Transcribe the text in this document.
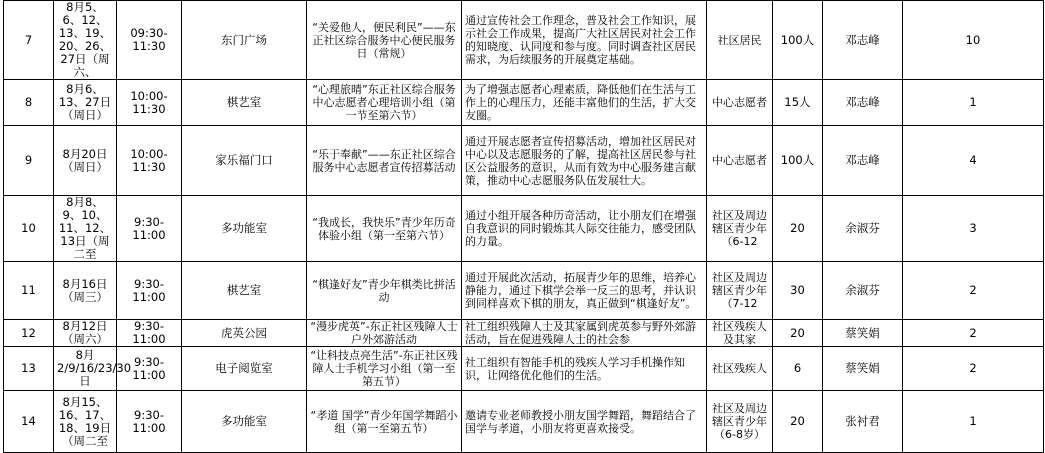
7	8月5、6、12、13、19、20、26、27日（周六、	09:30-11:30	东门广场	“关爱他人，便民利民”——东正社区综合服务中心便民服务日（常规）	通过宣传社会工作理念，普及社会工作知识，展示社会工作成果，提高广大社区居民对社会工作的知晓度、认同度和参与度。同时调查社区居民需求，为后续服务的开展奠定基础。	社区居民	100人	邓志峰	10
8	8月6、13、27日（周日）	10:00-11:30	棋艺室	“心理旅晴”东正社区综合服务中心志愿者心理培训小组（第一节至第六节）	为了增强志愿者心理素质，降低他们在生活与工作上的心理压力，还能丰富他们的生活，扩大交友圈。	中心志愿者	15人	邓志峰	1
9	8月20日（周日）	10:00-11:30	家乐福门口	“乐于奉献”——东正社区综合服务中心志愿者宣传招募活动	通过开展志愿者宣传招募活动，增加社区居民对中心以及志愿服务的了解，提高社区居民参与社区公益服务的意识，从而有效为中心服务建言献策，推动中心志愿服务队伍发展壮大。	中心志愿者	100人	邓志峰	4
10	8月8、9、10、11、12、13日（周二至	9:30-11:00	多功能室	“我成长，我快乐”青少年历奇体验小组（第一至第六节）	通过小组开展各种历奇活动，让小朋友们在增强自我意识的同时锻炼其人际交往能力，感受团队的力量。	社区及周边辖区青少年（6-12	20	余淑芬	3
11	8月16日（周三）	9:30-11:00	棋艺室	“棋逢好友”青少年棋类比拼活动	通过开展此次活动，拓展青少年的思维，培养心静能力，通过下棋学会举一反三的思考，并认识到同样喜欢下棋的朋友，真正做到“棋逢好友”。	社区及周边辖区青少年（7-12	30	余淑芬	2
12	8月12日（周六）	9:30-11:00	虎英公园	“漫步虎英”-东正社区残障人士户外郊游活动	社工组织残障人士及其家属到虎英参与野外郊游活动，旨在促进残障人士的社会参	社区残疾人及其家	20	蔡笑娟	2
13	8月2/9/16/23/30日	9:30-11:00	电子阅览室	“让科技点亮生活”-东正社区残障人士手机学习小组（第一至第五节）	社工组织有智能手机的残疾人学习手机操作知识，让网络优化他们的生活。	社区残疾人	6	蔡笑娟	2
14	8月15、16、17、18、19日（周二至	9:30-11:00	多功能室	“孝道 国学”青少年国学舞蹈小组（第一至第五节）	邀请专业老师教授小朋友国学舞蹈，舞蹈结合了国学与孝道，小朋友将更喜欢接受。	社区及周边辖区青少年（6-8岁）	20	张衬君	1
